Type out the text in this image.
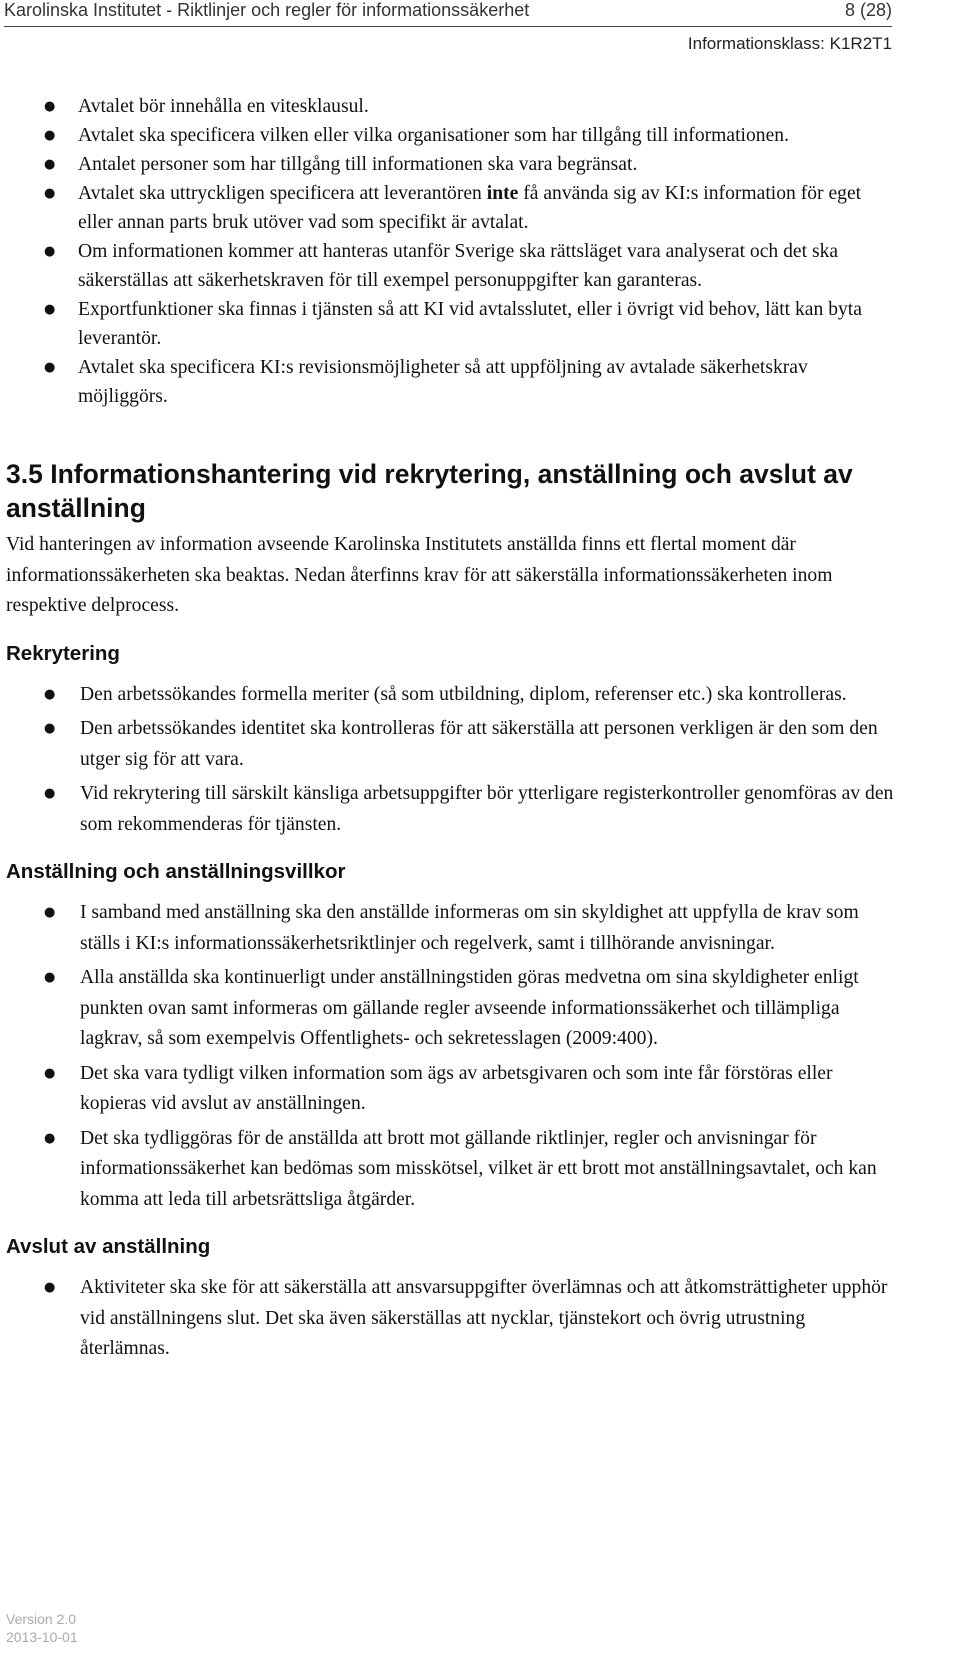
Karolinska Institutet - Riktlinjer och regler för informationssäkerhet	8 (28)
Informationsklass: K1R2T1
● Avtalet bör innehålla en vitesklausul.
● Avtalet ska specificera vilken eller vilka organisationer som har tillgång till informationen.
● Antalet personer som har tillgång till informationen ska vara begränsat.
● Avtalet ska uttryckligen specificera att leverantören inte få använda sig av KI:s information för eget eller annan parts bruk utöver vad som specifikt är avtalat.
● Om informationen kommer att hanteras utanför Sverige ska rättsläget vara analyserat och det ska säkerställas att säkerhetskraven för till exempel personuppgifter kan garanteras.
● Exportfunktioner ska finnas i tjänsten så att KI vid avtalsslutet, eller i övrigt vid behov, lätt kan byta leverantör.
● Avtalet ska specificera KI:s revisionsmöjligheter så att uppföljning av avtalade säkerhetskrav möjliggörs.
3.5 Informationshantering vid rekrytering, anställning och avslut av anställning

Vid hanteringen av information avseende Karolinska Institutets anställda finns ett flertal moment där informationssäkerheten ska beaktas. Nedan återfinns krav för att säkerställa informationssäkerheten inom respektive delprocess.

Rekrytering
● Den arbetssökandes formella meriter (så som utbildning, diplom, referenser etc.) ska kontrolleras.
● Den arbetssökandes identitet ska kontrolleras för att säkerställa att personen verkligen är den som den utger sig för att vara.
● Vid rekrytering till särskilt känsliga arbetsuppgifter bör ytterligare registerkontroller genomföras av den som rekommenderas för tjänsten.
Anställning och anställningsvillkor
● I samband med anställning ska den anställde informeras om sin skyldighet att uppfylla de krav som ställs i KI:s informationssäkerhetsriktlinjer och regelverk, samt i tillhörande anvisningar.
● Alla anställda ska kontinuerligt under anställningstiden göras medvetna om sina skyldigheter enligt punkten ovan samt informeras om gällande regler avseende informationssäkerhet och tillämpliga lagkrav, så som exempelvis Offentlighets- och sekretesslagen (2009:400).
● Det ska vara tydligt vilken information som ägs av arbetsgivaren och som inte får förstöras eller kopieras vid avslut av anställningen.
● Det ska tydliggöras för de anställda att brott mot gällande riktlinjer, regler och anvisningar för informationssäkerhet kan bedömas som misskötsel, vilket är ett brott mot anställningsavtalet, och kan komma att leda till arbetsrättsliga åtgärder.
Avslut av anställning
● Aktiviteter ska ske för att säkerställa att ansvarsuppgifter överlämnas och att åtkomsträttigheter upphör vid anställningens slut. Det ska även säkerställas att nycklar, tjänstekort och övrig utrustning återlämnas.
Version 2.0
2013-10-01
